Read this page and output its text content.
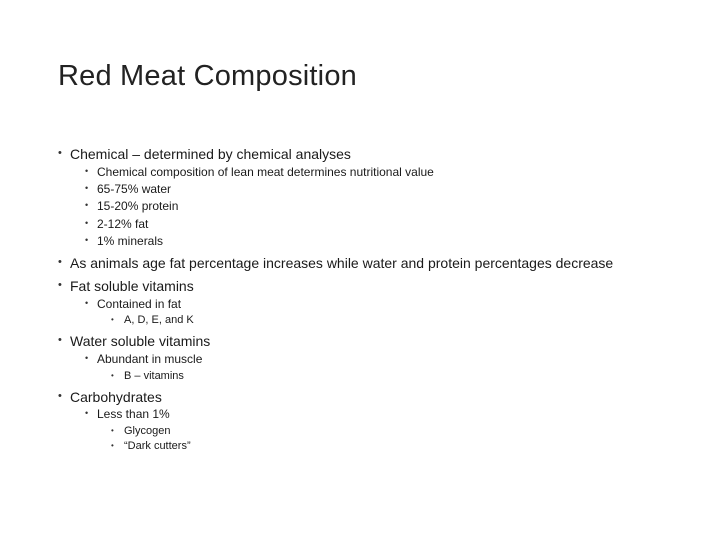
Red Meat Composition
• Chemical – determined by chemical analyses
• Chemical composition of lean meat determines nutritional value
• 65-75% water
• 15-20% protein
• 2-12% fat
• 1% minerals
• As animals age fat percentage increases while water and protein percentages decrease
• Fat soluble vitamins
• Contained in fat
• A, D, E, and K
• Water soluble vitamins
• Abundant in muscle
• B – vitamins
• Carbohydrates
• Less than 1%
• Glycogen
• “Dark cutters”
